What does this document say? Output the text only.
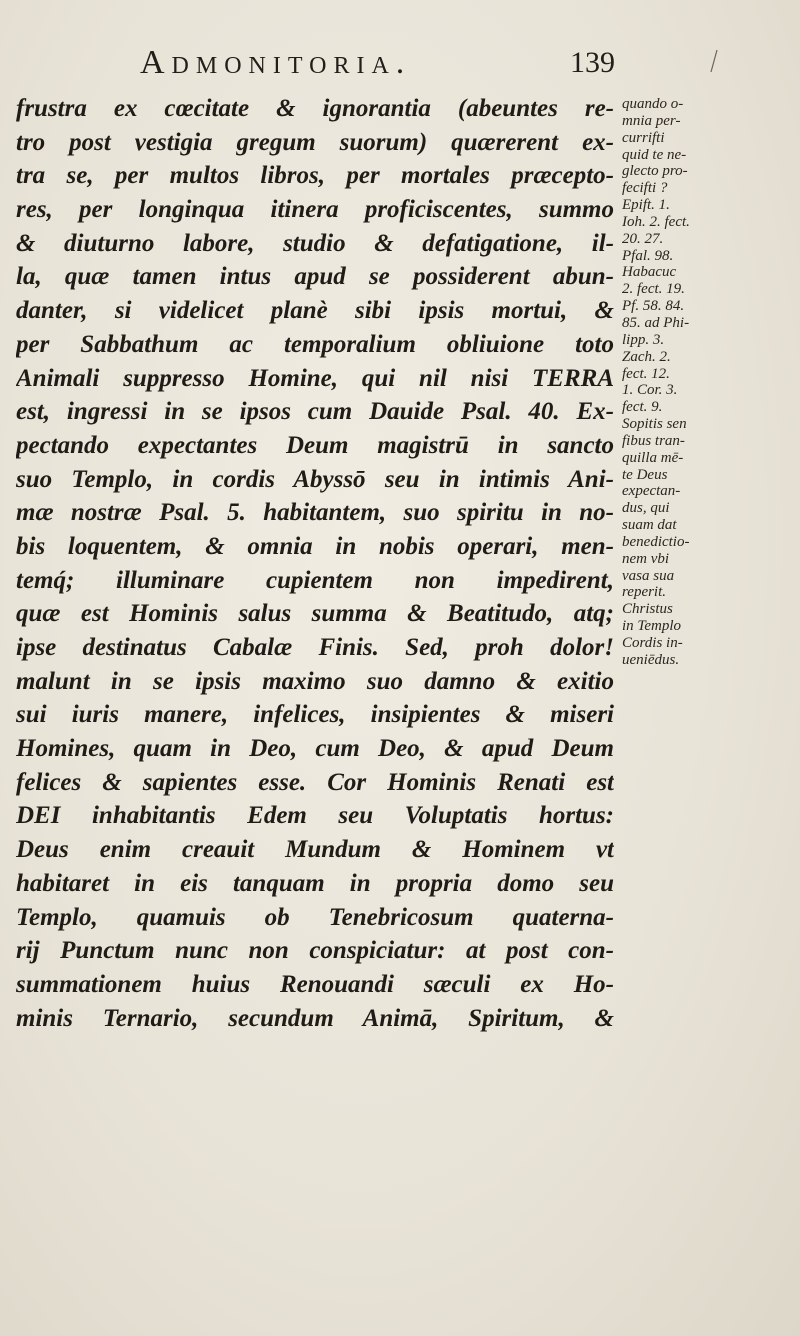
Admonitoria.	139
frustra ex cœcitate & ignorantia (abeuntes re-
tro post vestigia gregum suorum) quærerent ex-
tra se, per multos libros, per mortales præcepto-
res, per longinqua itinera proficiscentes, summo
& diuturno labore, studio & defatigatione, il-
la, quæ tamen intus apud se possiderent abun-
danter, si videlicet planè sibi ipsis mortui, &
per Sabbathum ac temporalium obliuione toto
Animali suppresso Homine, qui nil nisi TERRA
est, ingressi in se ipsos cum Dauide Psal. 40. Ex-
pectando expectantes Deum magistrū in sancto
suo Templo, in cordis Abyssō seu in intimis Ani-
mæ nostræ Psal. 5. habitantem, suo spiritu in no-
bis loquentem, & omnia in nobis operari, men-
temq́; illuminare cupientem non impedirent,
quæ est Hominis salus summa & Beatitudo, atq;
ipse destinatus Cabalæ Finis. Sed, proh dolor!
malunt in se ipsis maximo suo damno & exitio
sui iuris manere, infelices, insipientes & miseri
Homines, quam in Deo, cum Deo, & apud Deum
felices & sapientes esse. Cor Hominis Renati est
DEI inhabitantis Edem seu Voluptatis hortus:
Deus enim creauit Mundum & Hominem vt
habitaret in eis tanquam in propria domo seu
Templo, quamuis ob Tenebricosum quaterna-
rij Punctum nunc non conspiciatur: at post con-
summationem huius Renouandi sæculi ex Ho-
minis Ternario, secundum Animā, Spiritum, &
quando o-
mnia per-
currifti
quid te ne-
glecto pro-
fecifti ?
Epift. 1.
Ioh. 2. fect.
20. 27.
Pfal. 98.
Habacuc
2. fect. 19.
Pf. 58. 84.
85. ad Phi-
lipp. 3.
Zach. 2.
fect. 12.
1. Cor. 3.
fect. 9.
Sopitis sen
fibus tran-
quilla mē-
te Deus
expectan-
dus, qui
suam dat
benedictio-
nem vbi
vasa sua
reperit.
Christus
in Templo
Cordis in-
ueniēdus.
